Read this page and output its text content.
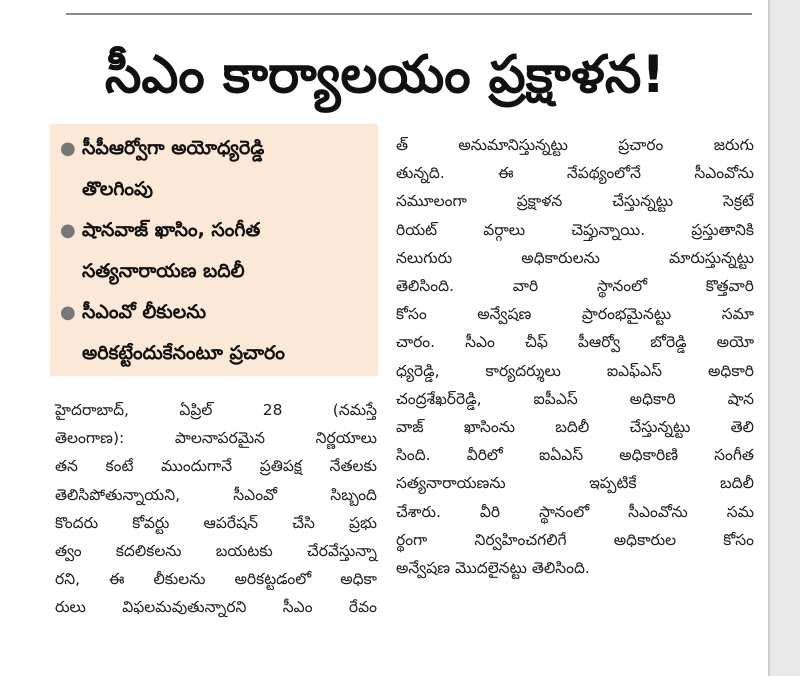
సీఎం కార్యాలయం ప్రక్షాళన!
● సీపీఆర్వోగా అయోధ్యరెడ్డి
తొలగింపు
● షానవాజ్ ఖాసిం, సంగీత
సత్యనారాయణ బదిలీ
● సీఎంవో లీకులను
అరికట్టేందుకేనంటూ ప్రచారం
హైదరాబాద్, ఏప్రిల్ 28 (నమస్తే
తెలంగాణ): పాలనాపరమైన నిర్ణయాలు
తన కంటే ముందుగానే ప్రతిపక్ష నేతలకు
తెలిసిపోతున్నాయని, సీఎంవో సిబ్బంది
కొందరు కోవర్టు ఆపరేషన్ చేసి ప్రభు
త్వం కదలికలను బయటకు చేరవేస్తున్నా
రని, ఈ లీకులను అరికట్టడంలో అధికా
రులు విఫలమవుతున్నారని సీఎం రేవం
త్ అనుమానిస్తున్నట్టు ప్రచారం జరుగు
తున్నది. ఈ నేపథ్యంలోనే సీఎంవోను
సమూలంగా ప్రక్షాళన చేస్తున్నట్టు సెక్రటే
రియట్ వర్గాలు చెప్తున్నాయి. ప్రస్తుతానికి
నలుగురు అధికారులను మారుస్తున్నట్టు
తెలిసింది. వారి స్థానంలో కొత్తవారి
కోసం అన్వేషణ ప్రారంభమైనట్టు సమా
చారం. సీఎం చీఫ్ పీఆర్వో బోరెడ్డి అయో
ధ్యరెడ్డి, కార్యదర్శులు ఐఎఫ్ఎస్ అధికారి
చంద్రశేఖర్‌రెడ్డి, ఐపీఎస్ అధికారి షాన
వాజ్ ఖాసింను బదిలీ చేస్తున్నట్టు తెలి
సింది. వీరిలో ఐఏఎస్ అధికారిణి సంగీత
సత్యనారాయణను ఇప్పటికే బదిలీ
చేశారు. వీరి స్థానంలో సీఎంవోను సమ
ర్థంగా నిర్వహించగలిగే అధికారుల కోసం
అన్వేషణ మొదలైనట్టు తెలిసింది.
